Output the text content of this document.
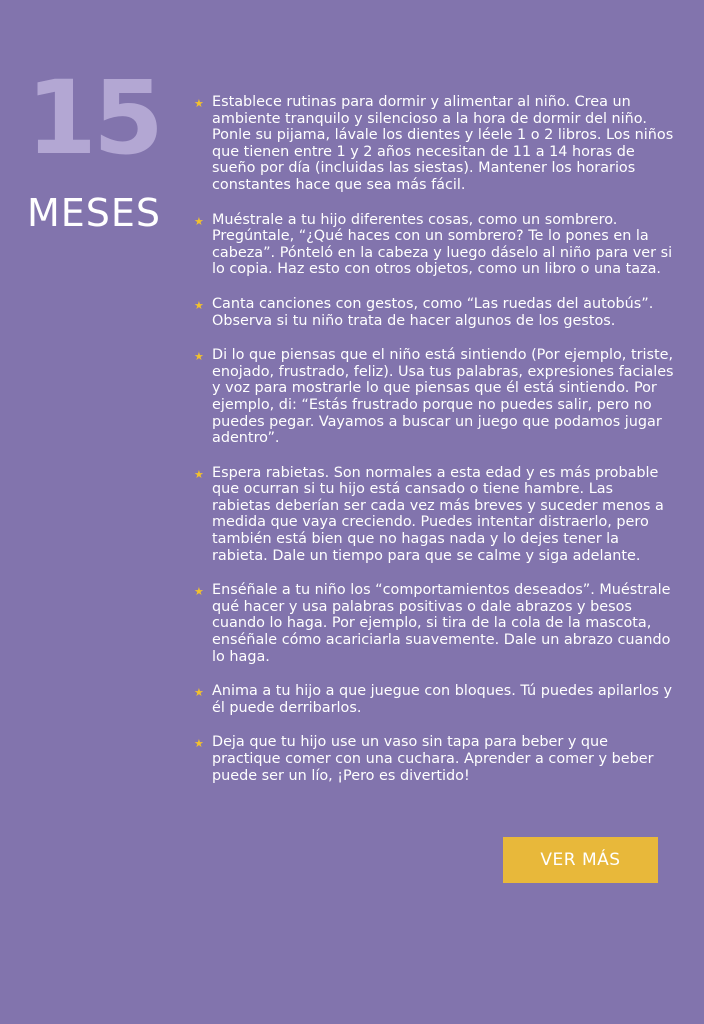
15
MESES
★ Establece rutinas para dormir y alimentar al niño. Crea un ambiente tranquilo y silencioso a la hora de dormir del niño. Ponle su pijama, lávale los dientes y léele 1 o 2 libros. Los niños que tienen entre 1 y 2 años necesitan de 11 a 14 horas de sueño por día (incluidas las siestas). Mantener los horarios constantes hace que sea más fácil.
★ Muéstrale a tu hijo diferentes cosas, como un sombrero. Pregúntale, “¿Qué haces con un sombrero? Te lo pones en la cabeza”. Pónteló en la cabeza y luego dáselo al niño para ver si lo copia. Haz esto con otros objetos, como un libro o una taza.
★ Canta canciones con gestos, como “Las ruedas del autobús”. Observa si tu niño trata de hacer algunos de los gestos.
★ Di lo que piensas que el niño está sintiendo (Por ejemplo, triste, enojado, frustrado, feliz). Usa tus palabras, expresiones faciales y voz para mostrarle lo que piensas que él está sintiendo. Por ejemplo, di: “Estás frustrado porque no puedes salir, pero no puedes pegar. Vayamos a buscar un juego que podamos jugar adentro”.
★ Espera rabietas. Son normales a esta edad y es más probable que ocurran si tu hijo está cansado o tiene hambre. Las rabietas deberían ser cada vez más breves y suceder menos a medida que vaya creciendo. Puedes intentar distraerlo, pero también está bien que no hagas nada y lo dejes tener la rabieta. Dale un tiempo para que se calme y siga adelante.
★ Enséñale a tu niño los “comportamientos deseados”. Muéstrale qué hacer y usa palabras positivas o dale abrazos y besos cuando lo haga. Por ejemplo, si tira de la cola de la mascota, enséñale cómo acariciarla suavemente. Dale un abrazo cuando lo haga.
★ Anima a tu hijo a que juegue con bloques. Tú puedes apilarlos y él puede derribarlos.
★ Deja que tu hijo use un vaso sin tapa para beber y que practique comer con una cuchara. Aprender a comer y beber puede ser un lío, ¡Pero es divertido!
VER MÁS
